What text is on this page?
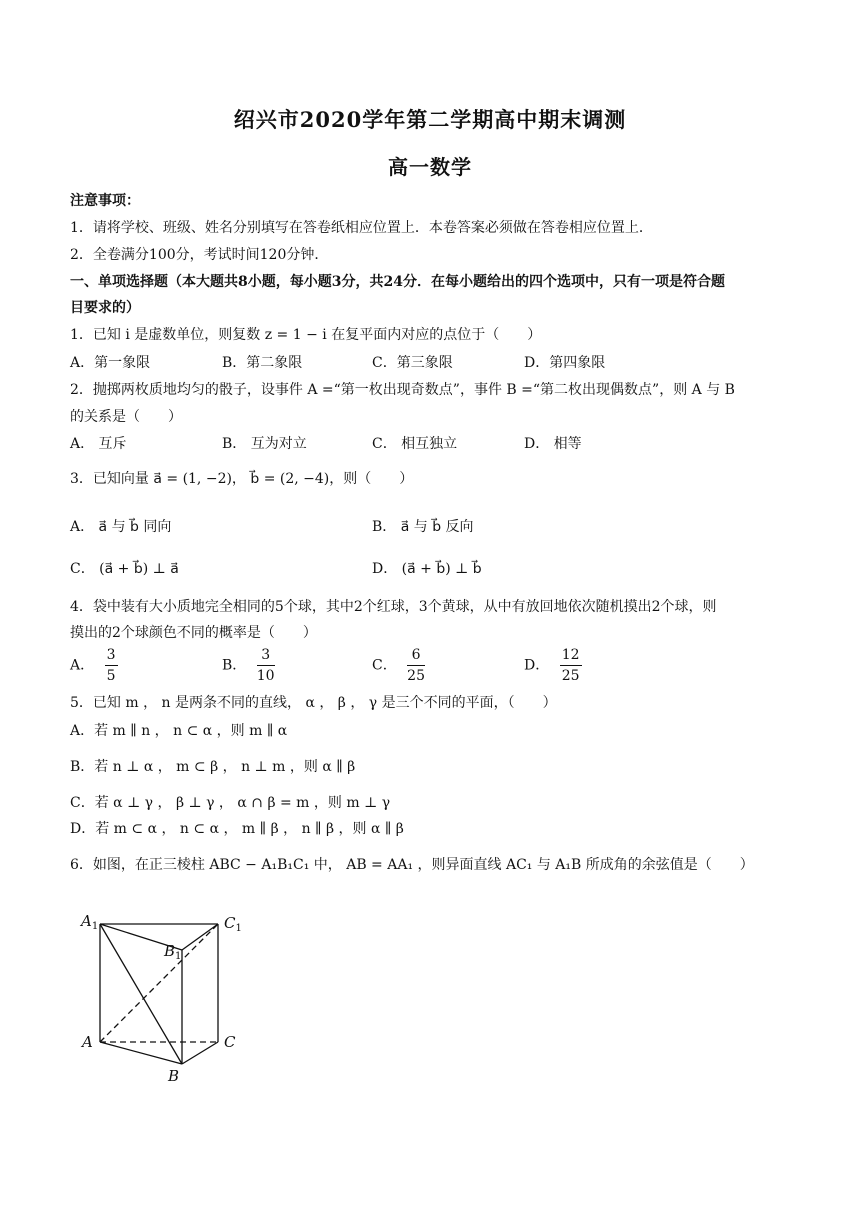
绍兴市2020学年第二学期高中期末调测
高一数学
注意事项：
1．请将学校、班级、姓名分别填写在答卷纸相应位置上．本卷答案必须做在答卷相应位置上．
2．全卷满分100分，考试时间120分钟．
一、单项选择题（本大题共8小题，每小题3分，共24分．在每小题给出的四个选项中，只有一项是符合题
目要求的）
1．已知 i 是虚数单位，则复数 z = 1 − i 在复平面内对应的点位于（　　）
A．第一象限	B．第二象限	C．第三象限	D．第四象限
2．抛掷两枚质地均匀的骰子，设事件 A =“第一枚出现奇数点”，事件 B =“第二枚出现偶数点”，则 A 与 B
的关系是（　　）
A． 互斥	B． 互为对立	C． 相互独立	D． 相等
3．已知向量 a⃗ = (1, −2)， b⃗ = (2, −4)，则（　　）
A． a⃗ 与 b⃗ 同向	B． a⃗ 与 b⃗ 反向
C． (a⃗ + b⃗) ⊥ a⃗	D． (a⃗ + b⃗) ⊥ b⃗
4．袋中装有大小质地完全相同的5个球，其中2个红球，3个黄球，从中有放回地依次随机摸出2个球，则
摸出的2个球颜色不同的概率是（　　）
A． $\frac{3}{5}$	B． $\frac{3}{10}$	C． $\frac{6}{25}$	D． $\frac{12}{25}$
5．已知 m ， n 是两条不同的直线， α ， β ， γ 是三个不同的平面，（　　）
A．若 m ∥ n ， n ⊂ α ，则 m ∥ α
B．若 n ⊥ α ， m ⊂ β ， n ⊥ m ，则 α ∥ β
C．若 α ⊥ γ ， β ⊥ γ ， α ∩ β = m ，则 m ⊥ γ
D．若 m ⊂ α ， n ⊂ α ， m ∥ β ， n ∥ β ，则 α ∥ β
6．如图，在正三棱柱 ABC − A₁B₁C₁ 中， AB = AA₁ ，则异面直线 AC₁ 与 A₁B 所成角的余弦值是（　　）
$A_1$	$C_1$
$B_1$
A	C
B
